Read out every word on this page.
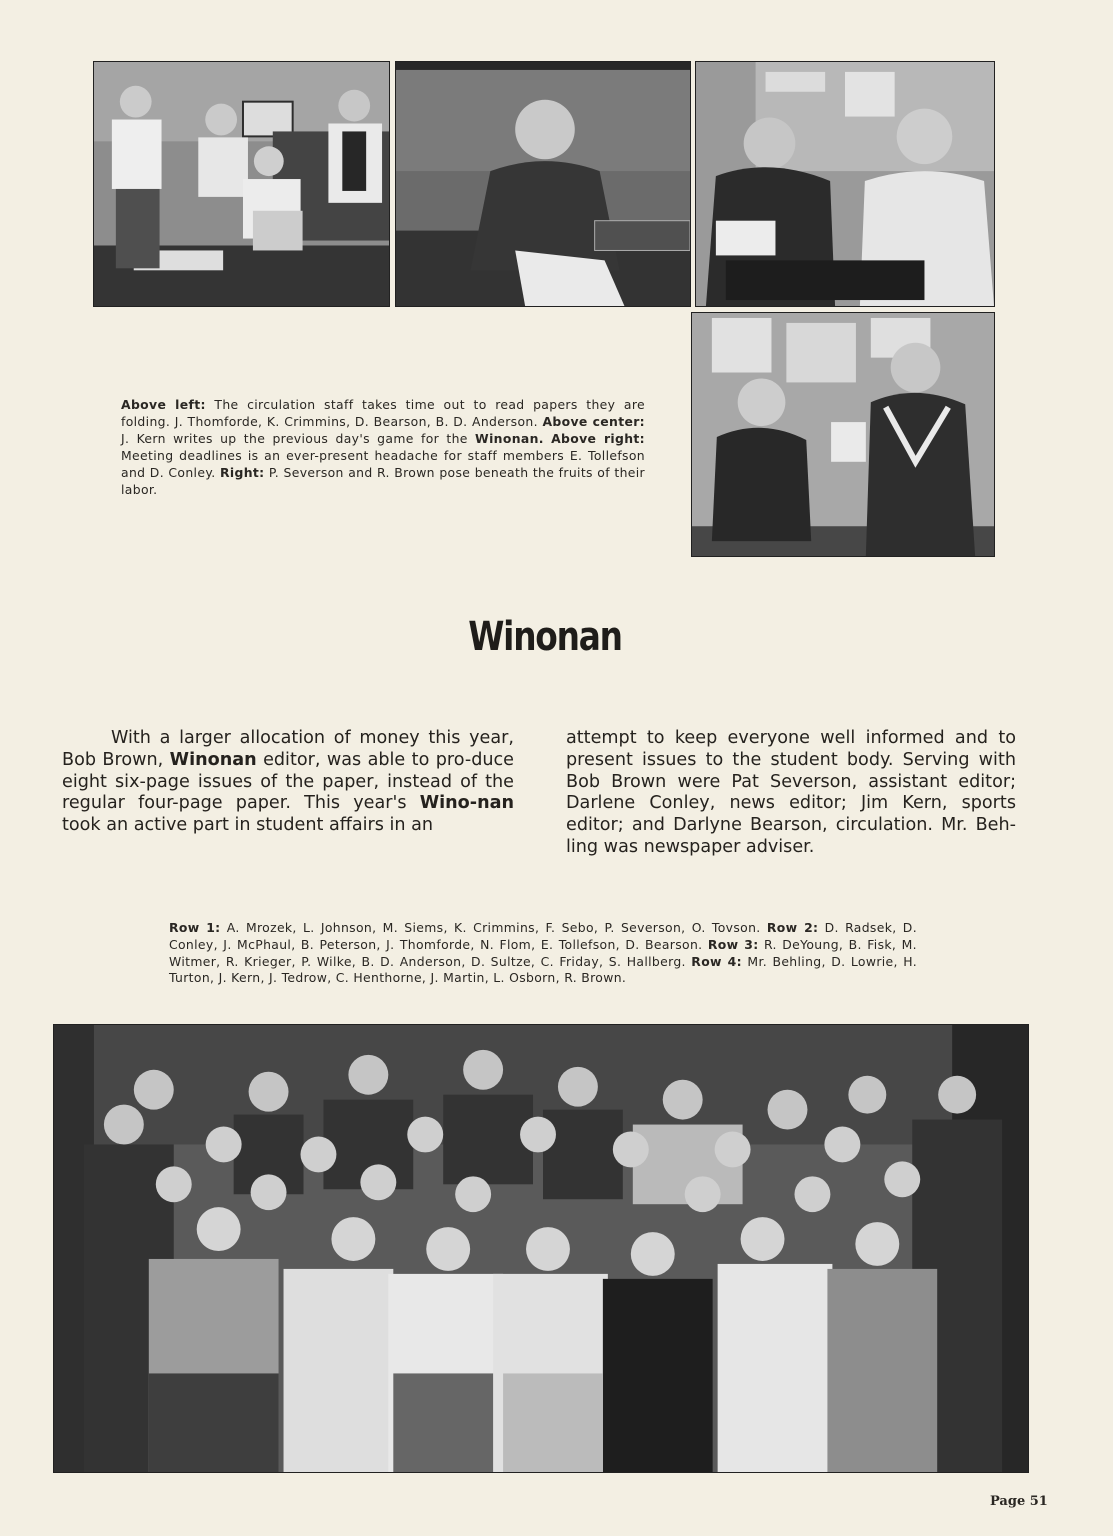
Above left: The circulation staff takes time out to read papers they are folding. J. Thomforde, K. Crimmins, D. Bearson, B. D. Anderson. Above center: J. Kern writes up the previous day's game for the Winonan. Above right: Meeting deadlines is an ever-present headache for staff members E. Tollefson and D. Conley. Right: P. Severson and R. Brown pose beneath the fruits of their labor.

Winonan

With a larger allocation of money this year, Bob Brown, Winonan editor, was able to pro-duce eight six-page issues of the paper, instead of the regular four-page paper. This year's Wino-nan took an active part in student affairs in an

attempt to keep everyone well informed and to present issues to the student body. Serving with Bob Brown were Pat Severson, assistant editor; Darlene Conley, news editor; Jim Kern, sports editor; and Darlyne Bearson, circulation. Mr. Beh-ling was newspaper adviser.

Row 1: A. Mrozek, L. Johnson, M. Siems, K. Crimmins, F. Sebo, P. Severson, O. Tovson. Row 2: D. Radsek, D. Conley, J. McPhaul, B. Peterson, J. Thomforde, N. Flom, E. Tollefson, D. Bearson. Row 3: R. DeYoung, B. Fisk, M. Witmer, R. Krieger, P. Wilke, B. D. Anderson, D. Sultze, C. Friday, S. Hallberg. Row 4: Mr. Behling, D. Lowrie, H. Turton, J. Kern, J. Tedrow, C. Henthorne, J. Martin, L. Osborn, R. Brown.

Page 51
